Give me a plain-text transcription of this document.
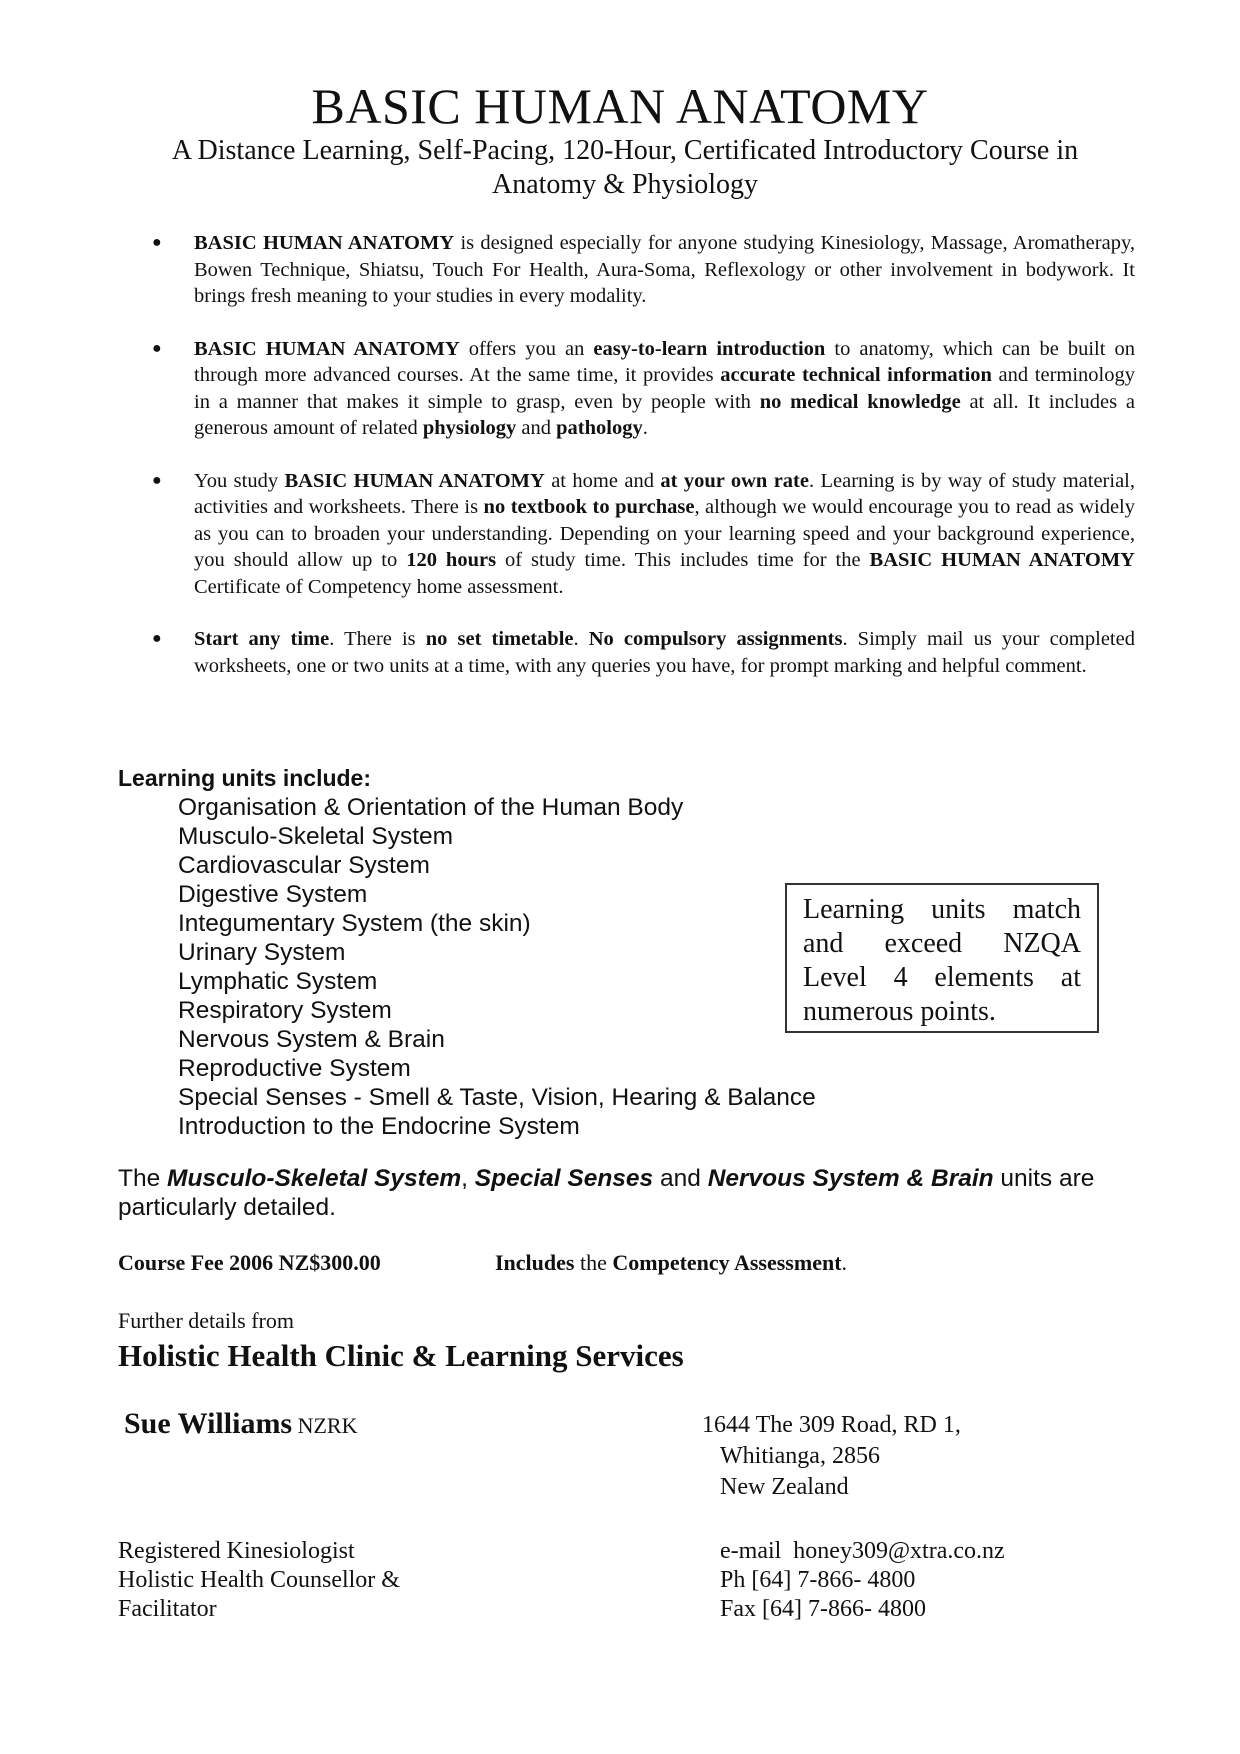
BASIC HUMAN ANATOMY
A Distance Learning, Self-Pacing, 120-Hour, Certificated Introductory Course in
Anatomy & Physiology
● BASIC HUMAN ANATOMY is designed especially for anyone studying Kinesiology, Massage, Aromatherapy, Bowen Technique, Shiatsu, Touch For Health, Aura-Soma, Reflexology or other involvement in bodywork. It brings fresh meaning to your studies in every modality.
● BASIC HUMAN ANATOMY offers you an easy-to-learn introduction to anatomy, which can be built on through more advanced courses. At the same time, it provides accurate technical information and terminology in a manner that makes it simple to grasp, even by people with no medical knowledge at all. It includes a generous amount of related physiology and pathology.
● You study BASIC HUMAN ANATOMY at home and at your own rate. Learning is by way of study material, activities and worksheets. There is no textbook to purchase, although we would encourage you to read as widely as you can to broaden your understanding. Depending on your learning speed and your background experience, you should allow up to 120 hours of study time. This includes time for the BASIC HUMAN ANATOMY Certificate of Competency home assessment.
● Start any time. There is no set timetable. No compulsory assignments. Simply mail us your completed worksheets, one or two units at a time, with any queries you have, for prompt marking and helpful comment.
Learning units include:
Organisation & Orientation of the Human Body
Musculo-Skeletal System
Cardiovascular System
Digestive System
Integumentary System (the skin)
Urinary System
Lymphatic System
Respiratory System
Nervous System & Brain
Reproductive System
Special Senses - Smell & Taste, Vision, Hearing & Balance
Introduction to the Endocrine System
Learning units match and exceed NZQA Level 4 elements at numerous points.
The Musculo-Skeletal System, Special Senses and Nervous System & Brain units are particularly detailed.
Course Fee 2006 NZ$300.00	Includes the Competency Assessment.
Further details from
Holistic Health Clinic & Learning Services
Sue Williams NZRK	1644 The 309 Road, RD 1,
Whitianga, 2856
New Zealand
Registered Kinesiologist
Holistic Health Counsellor &
Facilitator
e-mail  honey309@xtra.co.nz
Ph [64] 7-866- 4800
Fax [64] 7-866- 4800
